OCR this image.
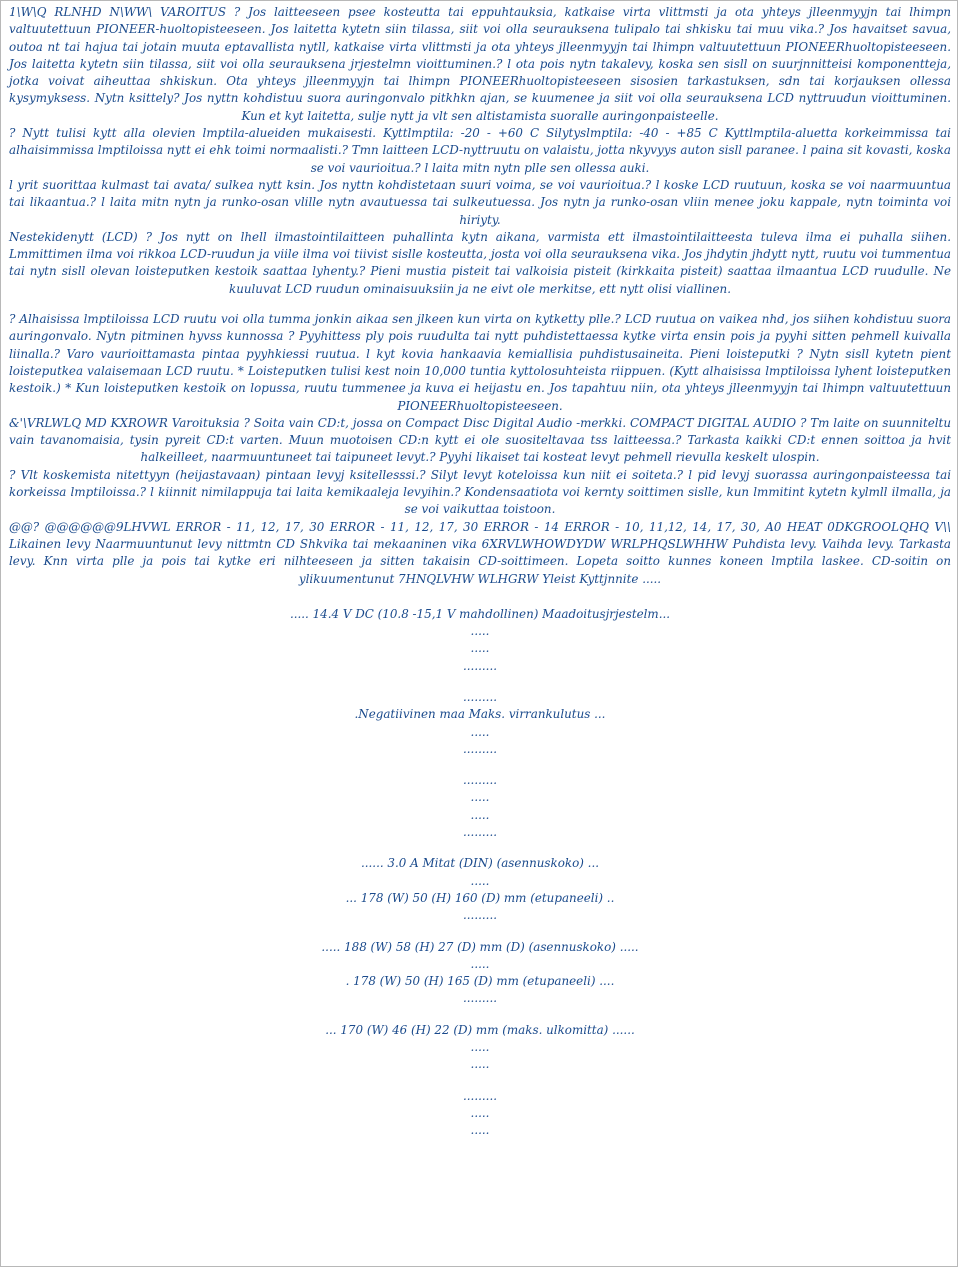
1\W\Q RLNHD N\WW\ VAROITUS ? Jos laitteeseen psee kosteutta tai eppuhtauksia, katkaise virta vlittmsti ja ota yhteys jlleenmyyjn tai lhimpn valtuutettuun PIONEER-huoltopisteeseen. Jos laitetta kytetn siin tilassa, siit voi olla seurauksena tulipalo tai shkisku tai muu vika.? Jos havaitset savua, outoa nt tai hajua tai jotain muuta eptavallista nytll, katkaise virta vlittmsti ja ota yhteys jlleenmyyjn tai lhimpn valtuutettuun PIONEERhuoltopisteeseen. Jos laitetta kytetn siin tilassa, siit voi olla seurauksena jrjestelmn vioittuminen.? l ota pois nytn takalevy, koska sen sisll on suurjnnitteisi komponentteja, jotka voivat aiheuttaa shkiskun. Ota yhteys jlleenmyyjn tai lhimpn PIONEERhuoltopisteeseen sisosien tarkastuksen, sdn tai korjauksen ollessa kysymyksess. Nytn ksittely? Jos nyttn kohdistuu suora auringonvalo pitkhkn ajan, se kuumenee ja siit voi olla seurauksena LCD nyttruudun vioittuminen. Kun et kyt laitetta, sulje nytt ja vlt sen altistamista suoralle auringonpaisteelle.

? Nytt tulisi kytt alla olevien lmptila-alueiden mukaisesti. Kyttlmptila: -20 - +60 C Silytyslmptila: -40 - +85 C Kyttlmptila-aluetta korkeimmissa tai alhaisimmissa lmptiloissa nytt ei ehk toimi normaalisti.? Tmn laitteen LCD-nyttruutu on valaistu, jotta nkyvyys auton sisll paranee. l paina sit kovasti, koska se voi vaurioitua.? l laita mitn nytn plle sen ollessa auki.

l yrit suorittaa kulmast tai avata/ sulkea nytt ksin. Jos nyttn kohdistetaan suuri voima, se voi vaurioitua.? l koske LCD ruutuun, koska se voi naarmuuntua tai likaantua.? l laita mitn nytn ja runko-osan vlille nytn avautuessa tai sulkeutuessa. Jos nytn ja runko-osan vliin menee joku kappale, nytn toiminta voi hiriyty.

Nestekidenytt (LCD) ? Jos nytt on lhell ilmastointilaitteen puhallinta kytn aikana, varmista ett ilmastointilaitteesta tuleva ilma ei puhalla siihen. Lmmittimen ilma voi rikkoa LCD-ruudun ja viile ilma voi tiivist sislle kosteutta, josta voi olla seurauksena vika. Jos jhdytin jhdytt nytt, ruutu voi tummentua tai nytn sisll olevan loisteputken kestoik saattaa lyhenty.? Pieni mustia pisteit tai valkoisia pisteit (kirkkaita pisteit) saattaa ilmaantua LCD ruudulle. Ne kuuluvat LCD ruudun ominaisuuksiin ja ne eivt ole merkitse, ett nytt olisi viallinen.

? Alhaisissa lmptiloissa LCD ruutu voi olla tumma jonkin aikaa sen jlkeen kun virta on kytketty plle.? LCD ruutua on vaikea nhd, jos siihen kohdistuu suora auringonvalo. Nytn pitminen hyvss kunnossa ? Pyyhittess ply pois ruudulta tai nytt puhdistettaessa kytke virta ensin pois ja pyyhi sitten pehmell kuivalla liinalla.? Varo vaurioittamasta pintaa pyyhkiessi ruutua. l kyt kovia hankaavia kemiallisia puhdistusaineita. Pieni loisteputki ? Nytn sisll kytetn pient loisteputkea valaisemaan LCD ruutu. * Loisteputken tulisi kest noin 10,000 tuntia kyttolosuhteista riippuen. (Kytt alhaisissa lmptiloissa lyhent loisteputken kestoik.) * Kun loisteputken kestoik on lopussa, ruutu tummenee ja kuva ei heijastu en. Jos tapahtuu niin, ota yhteys jlleenmyyjn tai lhimpn valtuutettuun PIONEERhuoltopisteeseen.

&'\VRLWLQ MD KXROWR Varoituksia ? Soita vain CD:t, jossa on Compact Disc Digital Audio -merkki. COMPACT DIGITAL AUDIO ? Tm laite on suunniteltu vain tavanomaisia, tysin pyreit CD:t varten. Muun muotoisen CD:n kytt ei ole suositeltavaa tss laitteessa.? Tarkasta kaikki CD:t ennen soittoa ja hvit halkeilleet, naarmuuntuneet tai taipuneet levyt.? Pyyhi likaiset tai kosteat levyt pehmell rievulla keskelt ulospin.

? Vlt koskemista nitettyyn (heijastavaan) pintaan levyj ksitellesssi.? Silyt levyt koteloissa kun niit ei soiteta.? l pid levyj suorassa auringonpaisteessa tai korkeissa lmptiloissa.? l kiinnit nimilappuja tai laita kemikaaleja levyihin.? Kondensaatiota voi kernty soittimen sislle, kun lmmitint kytetn kylmll ilmalla, ja se voi vaikuttaa toistoon.

@@? @@@@@@9LHVWL ERROR - 11, 12, 17, 30 ERROR - 11, 12, 17, 30 ERROR - 14 ERROR - 10, 11,12, 14, 17, 30, A0 HEAT 0DKGROOLQHQ V\\ Likainen levy Naarmuuntunut levy nittmtn CD Shkvika tai mekaaninen vika 6XRVLWHOWDYDW WRLPHQSLWHHW Puhdista levy. Vaihda levy. Tarkasta levy. Knn virta plle ja pois tai kytke eri nilhteeseen ja sitten takaisin CD-soittimeen. Lopeta soitto kunnes koneen lmptila laskee. CD-soitin on ylikuumentunut 7HNQLVHW WLHGRW Yleist Kyttjnnite .....

..... 14.4 V DC (10.8 -15,1 V mahdollinen) Maadoitusjrjestelm...

.....

.....

.........

.........

.Negatiivinen maa Maks. virrankulutus ...

.....

.........

.........

.....

.....

.........

...... 3.0 A Mitat (DIN) (asennuskoko) ...

.....

... 178 (W) 50 (H) 160 (D) mm (etupaneeli) ..

.........

..... 188 (W) 58 (H) 27 (D) mm (D) (asennuskoko) .....

.....

. 178 (W) 50 (H) 165 (D) mm (etupaneeli) ....

.........

... 170 (W) 46 (H) 22 (D) mm (maks. ulkomitta) ......

.....

.....

.........

.....

.....
